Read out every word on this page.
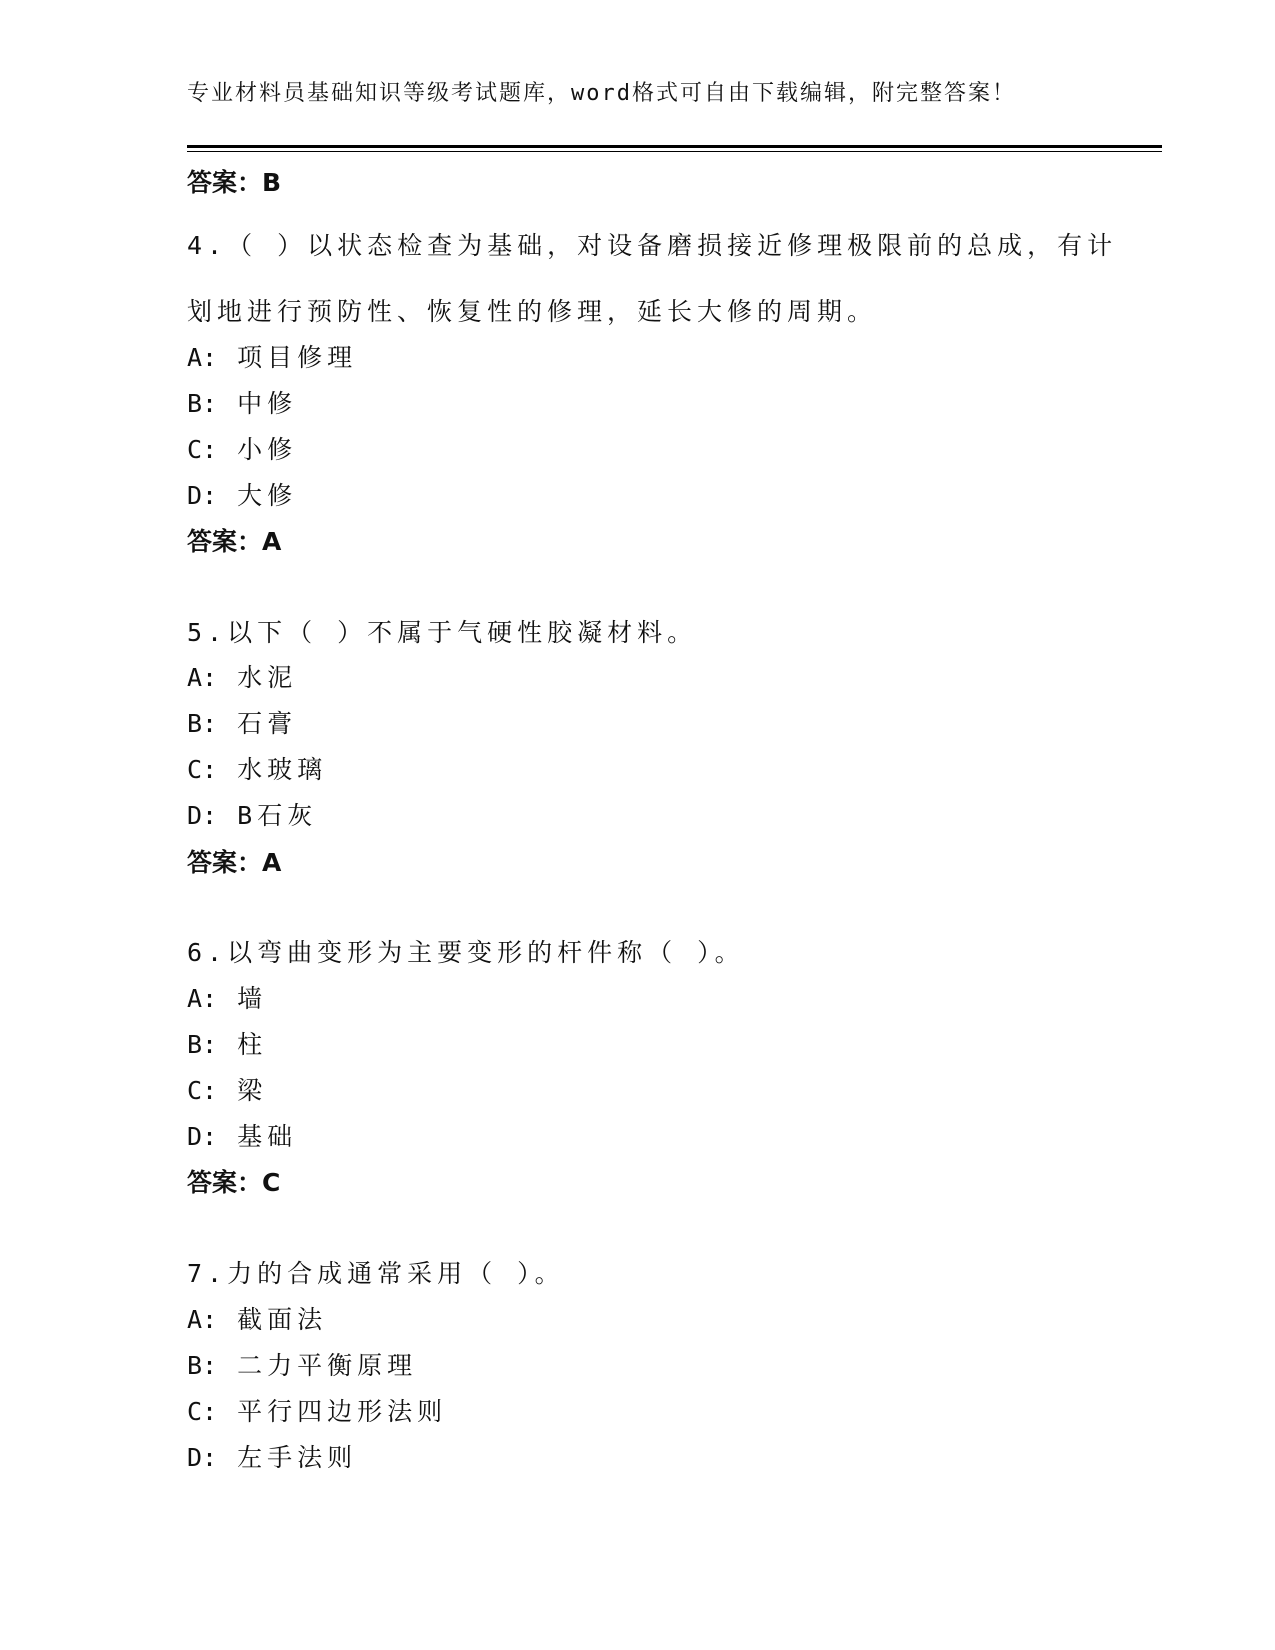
专业材料员基础知识等级考试题库，word格式可自由下载编辑，附完整答案！
答案：B
4.（ ）以状态检查为基础，对设备磨损接近修理极限前的总成，有计
划地进行预防性、恢复性的修理，延长大修的周期。
A: 项目修理
B: 中修
C: 小修
D: 大修
答案：A
5.以下（ ）不属于气硬性胶凝材料。
A: 水泥
B: 石膏
C: 水玻璃
D: B石灰
答案：A
6.以弯曲变形为主要变形的杆件称（ ）。
A: 墙
B: 柱
C: 梁
D: 基础
答案：C
7.力的合成通常采用（ ）。
A: 截面法
B: 二力平衡原理
C: 平行四边形法则
D: 左手法则
